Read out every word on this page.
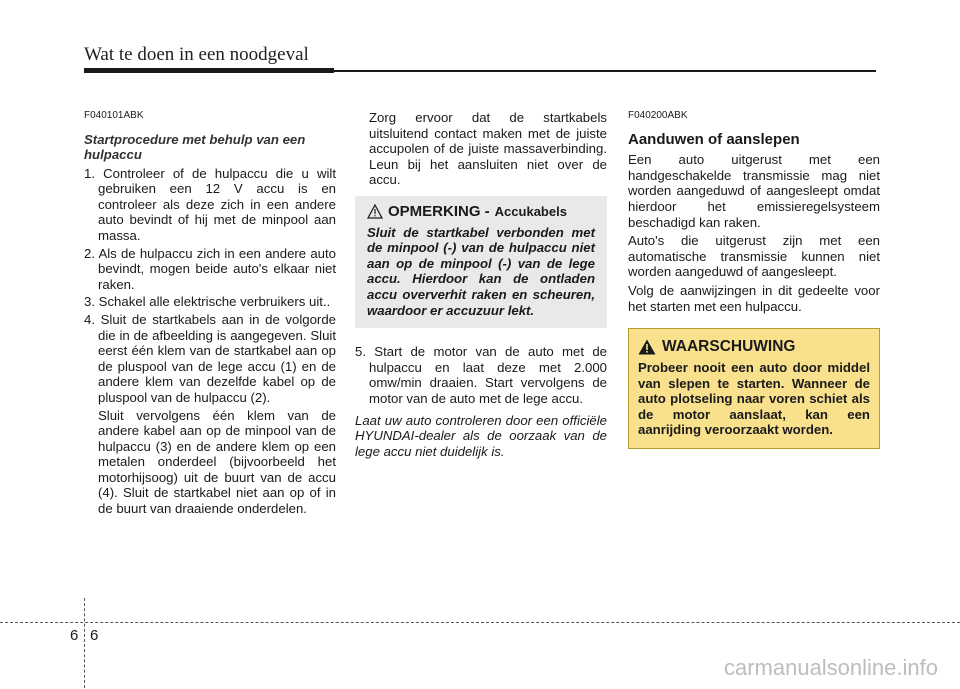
Wat te doen in een noodgeval
F040101ABK
Startprocedure met behulp van een hulpaccu
1. Controleer of de hulpaccu die u wilt gebruiken een 12 V accu is en controleer als deze zich in een andere auto bevindt of hij met de minpool aan massa.
2. Als de hulpaccu zich in een andere auto bevindt, mogen beide auto's elkaar niet raken.
3. Schakel alle elektrische verbruikers uit..
4. Sluit de startkabels aan in de volgorde die in de afbeelding is aangegeven. Sluit eerst één klem van de startkabel aan op de pluspool van de lege accu (1) en de andere klem van dezelfde kabel op de pluspool van de hulpaccu (2).
Sluit vervolgens één klem van de andere kabel aan op de minpool van de hulpaccu (3) en de andere klem op een metalen onderdeel (bijvoorbeeld het motorhijsoog) uit de buurt van de accu (4). Sluit de startkabel niet aan op of in de buurt van draaiende onderdelen.
Zorg ervoor dat de startkabels uitsluitend contact maken met de juiste accupolen of de juiste massaverbinding. Leun bij het aansluiten niet over de accu.
OPMERKING - Accukabels
Sluit de startkabel verbonden met de minpool (-) van de hulpaccu niet aan op de minpool (-) van de lege accu. Hierdoor kan de ontladen accu oververhit raken en scheuren, waardoor er accuzuur lekt.
5. Start de motor van de auto met de hulpaccu en laat deze met 2.000 omw/min draaien. Start vervolgens de motor van de auto met de lege accu.
Laat uw auto controleren door een officiële HYUNDAI-dealer als de oorzaak van de lege accu niet duidelijk is.
F040200ABK
Aanduwen of aanslepen
Een auto uitgerust met een handgeschakelde transmissie mag niet worden aangeduwd of aangesleept omdat hierdoor het emissieregelsysteem beschadigd kan raken.
Auto's die uitgerust zijn met een automatische transmissie kunnen niet worden aangeduwd of aangesleept.
Volg de aanwijzingen in dit gedeelte voor het starten met een hulpaccu.
WAARSCHUWING
Probeer nooit een auto door middel van slepen te starten. Wanneer de auto plotseling naar voren schiet als de motor aanslaat, kan een aanrijding veroorzaakt worden.
6 6
carmanualsonline.info
